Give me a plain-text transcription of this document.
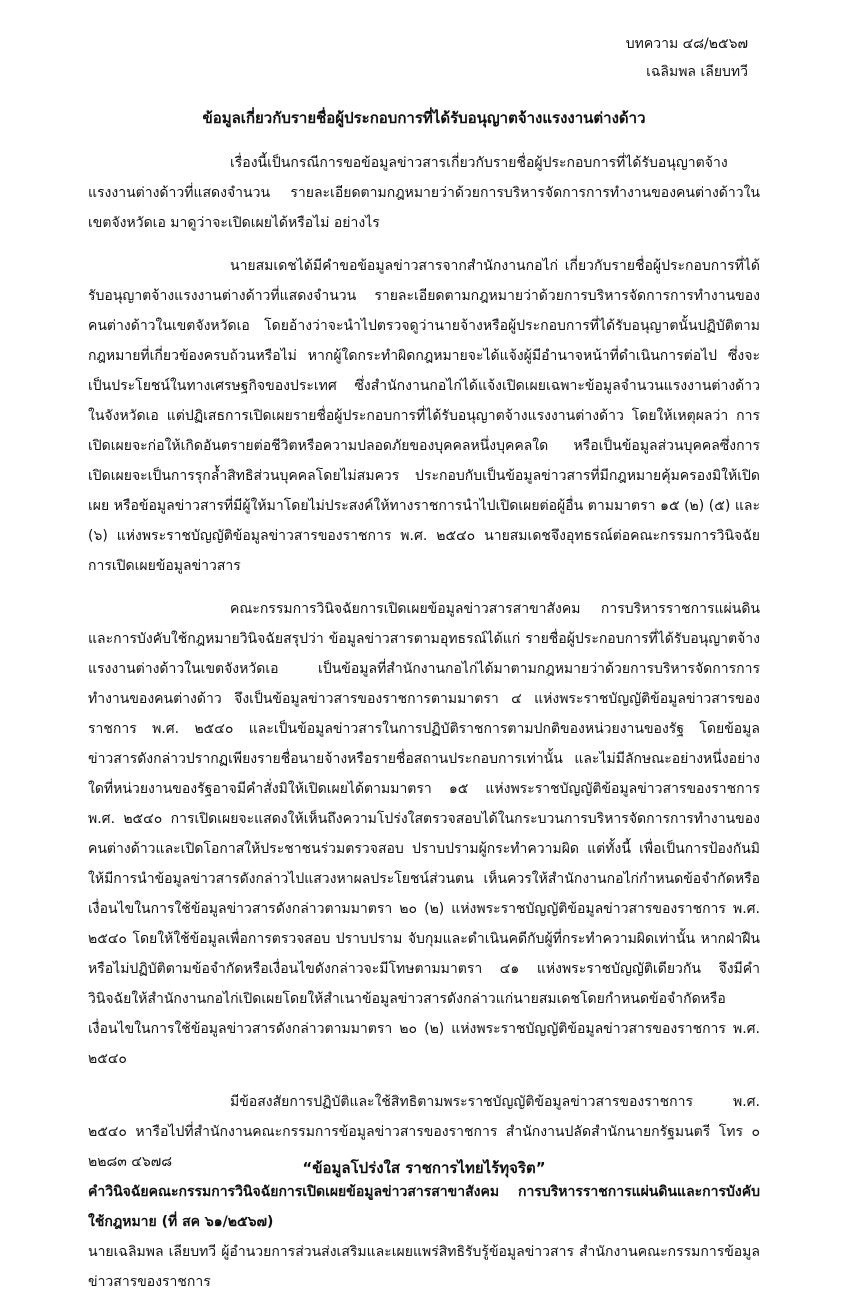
บทความ ๔๘/๒๕๖๗
เฉลิมพล เลียบทวี
ข้อมูลเกี่ยวกับรายชื่อผู้ประกอบการที่ได้รับอนุญาตจ้างแรงงานต่างด้าว

เรื่องนี้เป็นกรณีการขอข้อมูลข่าวสารเกี่ยวกับรายชื่อผู้ประกอบการที่ได้รับอนุญาตจ้างแรงงานต่างด้าวที่แสดงจำนวน รายละเอียดตามกฎหมายว่าด้วยการบริหารจัดการการทำงานของคนต่างด้าวในเขตจังหวัดเอ มาดูว่าจะเปิดเผยได้หรือไม่ อย่างไร

นายสมเดชได้มีคำขอข้อมูลข่าวสารจากสำนักงานกอไก่ เกี่ยวกับรายชื่อผู้ประกอบการที่ได้รับอนุญาตจ้างแรงงานต่างด้าวที่แสดงจำนวน รายละเอียดตามกฎหมายว่าด้วยการบริหารจัดการการทำงานของคนต่างด้าวในเขตจังหวัดเอ โดยอ้างว่าจะนำไปตรวจดูว่านายจ้างหรือผู้ประกอบการที่ได้รับอนุญาตนั้นปฏิบัติตามกฎหมายที่เกี่ยวข้องครบถ้วนหรือไม่ หากผู้ใดกระทำผิดกฎหมายจะได้แจ้งผู้มีอำนาจหน้าที่ดำเนินการต่อไป ซึ่งจะเป็นประโยชน์ในทางเศรษฐกิจของประเทศ ซึ่งสำนักงานกอไก่ได้แจ้งเปิดเผยเฉพาะข้อมูลจำนวนแรงงานต่างด้าวในจังหวัดเอ แต่ปฏิเสธการเปิดเผยรายชื่อผู้ประกอบการที่ได้รับอนุญาตจ้างแรงงานต่างด้าว โดยให้เหตุผลว่า การเปิดเผยจะก่อให้เกิดอันตรายต่อชีวิตหรือความปลอดภัยของบุคคลหนึ่งบุคคลใด หรือเป็นข้อมูลส่วนบุคคลซึ่งการเปิดเผยจะเป็นการรุกล้ำสิทธิส่วนบุคคลโดยไม่สมควร ประกอบกับเป็นข้อมูลข่าวสารที่มีกฎหมายคุ้มครองมิให้เปิดเผย หรือข้อมูลข่าวสารที่มีผู้ให้มาโดยไม่ประสงค์ให้ทางราชการนำไปเปิดเผยต่อผู้อื่น ตามมาตรา ๑๕ (๒) (๕) และ (๖) แห่งพระราชบัญญัติข้อมูลข่าวสารของราชการ พ.ศ. ๒๕๔๐ นายสมเดชจึงอุทธรณ์ต่อคณะกรรมการวินิจฉัยการเปิดเผยข้อมูลข่าวสาร

คณะกรรมการวินิจฉัยการเปิดเผยข้อมูลข่าวสารสาขาสังคม การบริหารราชการแผ่นดินและการบังคับใช้กฎหมายวินิจฉัยสรุปว่า ข้อมูลข่าวสารตามอุทธรณ์ได้แก่ รายชื่อผู้ประกอบการที่ได้รับอนุญาตจ้างแรงงานต่างด้าวในเขตจังหวัดเอ เป็นข้อมูลที่สำนักงานกอไก่ได้มาตามกฎหมายว่าด้วยการบริหารจัดการการทำงานของคนต่างด้าว จึงเป็นข้อมูลข่าวสารของราชการตามมาตรา ๔ แห่งพระราชบัญญัติข้อมูลข่าวสารของราชการ พ.ศ. ๒๕๔๐ และเป็นข้อมูลข่าวสารในการปฏิบัติราชการตามปกติของหน่วยงานของรัฐ โดยข้อมูลข่าวสารดังกล่าวปรากฏเพียงรายชื่อนายจ้างหรือรายชื่อสถานประกอบการเท่านั้น และไม่มีลักษณะอย่างหนึ่งอย่างใดที่หน่วยงานของรัฐอาจมีคำสั่งมิให้เปิดเผยได้ตามมาตรา ๑๕ แห่งพระราชบัญญัติข้อมูลข่าวสารของราชการ พ.ศ. ๒๕๔๐ การเปิดเผยจะแสดงให้เห็นถึงความโปร่งใสตรวจสอบได้ในกระบวนการบริหารจัดการการทำงานของคนต่างด้าวและเปิดโอกาสให้ประชาชนร่วมตรวจสอบ ปราบปรามผู้กระทำความผิด แต่ทั้งนี้ เพื่อเป็นการป้องกันมิให้มีการนำข้อมูลข่าวสารดังกล่าวไปแสวงหาผลประโยชน์ส่วนตน เห็นควรให้สำนักงานกอไก่กำหนดข้อจำกัดหรือเงื่อนไขในการใช้ข้อมูลข่าวสารดังกล่าวตามมาตรา ๒๐ (๒) แห่งพระราชบัญญัติข้อมูลข่าวสารของราชการ พ.ศ. ๒๕๔๐ โดยให้ใช้ข้อมูลเพื่อการตรวจสอบ ปราบปราม จับกุมและดำเนินคดีกับผู้ที่กระทำความผิดเท่านั้น หากฝ่าฝืนหรือไม่ปฏิบัติตามข้อจำกัดหรือเงื่อนไขดังกล่าวจะมีโทษตามมาตรา ๔๑ แห่งพระราชบัญญัติเดียวกัน จึงมีคำวินิจฉัยให้สำนักงานกอไก่เปิดเผยโดยให้สำเนาข้อมูลข่าวสารดังกล่าวแก่นายสมเดชโดยกำหนดข้อจำกัดหรือเงื่อนไขในการใช้ข้อมูลข่าวสารดังกล่าวตามมาตรา ๒๐ (๒) แห่งพระราชบัญญัติข้อมูลข่าวสารของราชการ พ.ศ. ๒๕๔๐

มีข้อสงสัยการปฏิบัติและใช้สิทธิตามพระราชบัญญัติข้อมูลข่าวสารของราชการ พ.ศ. ๒๕๔๐ หารือไปที่สำนักงานคณะกรรมการข้อมูลข่าวสารของราชการ สำนักงานปลัดสำนักนายกรัฐมนตรี โทร ๐ ๒๒๘๓ ๔๖๗๘

คำวินิจฉัยคณะกรรมการวินิจฉัยการเปิดเผยข้อมูลข่าวสารสาขาสังคม การบริหารราชการแผ่นดินและการบังคับใช้กฎหมาย (ที่ สค ๖๑/๒๕๖๗)

นายเฉลิมพล เลียบทวี ผู้อำนวยการส่วนส่งเสริมและเผยแพร่สิทธิรับรู้ข้อมูลข่าวสาร สำนักงานคณะกรรมการข้อมูลข่าวสารของราชการ

“ข้อมูลโปร่งใส ราชการไทยไร้ทุจริต”
